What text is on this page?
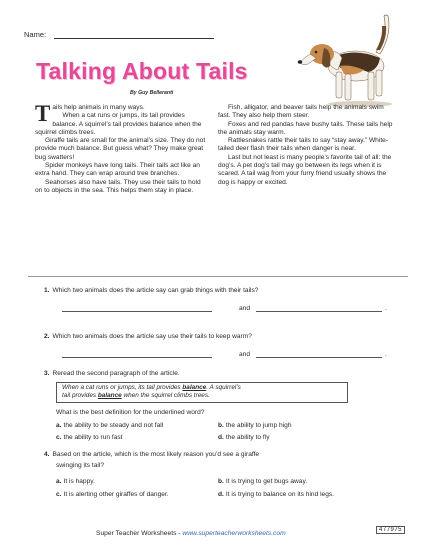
Name:
Talking About Tails
By Guy Belleranti

Tails help animals in many ways.

When a cat runs or jumps, its tail provides balance. A squirrel’s tail provides balance when the squirrel climbs trees.

Giraffe tails are small for the animal’s size. They do not provide much balance. But guess what? They make great bug swatters!

Spider monkeys have long tails. Their tails act like an extra hand. They can wrap around tree branches.

Seahorses also have tails. They use their tails to hold on to objects in the sea. This helps them stay in place.

Fish, alligator, and beaver tails help the animals swim fast. They also help them steer.

Foxes and red pandas have bushy tails. These tails help the animals stay warm.

Rattlesnakes rattle their tails to say “stay away.” White-tailed deer flash their tails when danger is near.

Last but not least is many people’s favorite tail of all: the dog’s. A pet dog’s tail may go between its legs when it is scared. A tail wag from your furry friend usually shows the dog is happy or excited.

1. Which two animals does the article say can grab things with their tails?
and	.
2. Which two animals does the article say use their tails to keep warm?
and	.
3. Reread the second paragraph of the article.
When a cat runs or jumps, its tail provides balance. A squirrel’s
tail provides balance when the squirrel climbs trees.
What is the best definition for the underlined word?
a. the ability to be steady and not fall	b. the ability to jump high
c. the ability to run fast	d. the ability to fly
4. Based on the article, which is the most likely reason you’d see a giraffe
swinging its tail?
a. It is happy.	b. It is trying to get bugs away.
c. It is alerting other giraffes of danger.	d. It is trying to balance on its hind legs.
Super Teacher Worksheets - www.superteacherworksheets.com	477975
